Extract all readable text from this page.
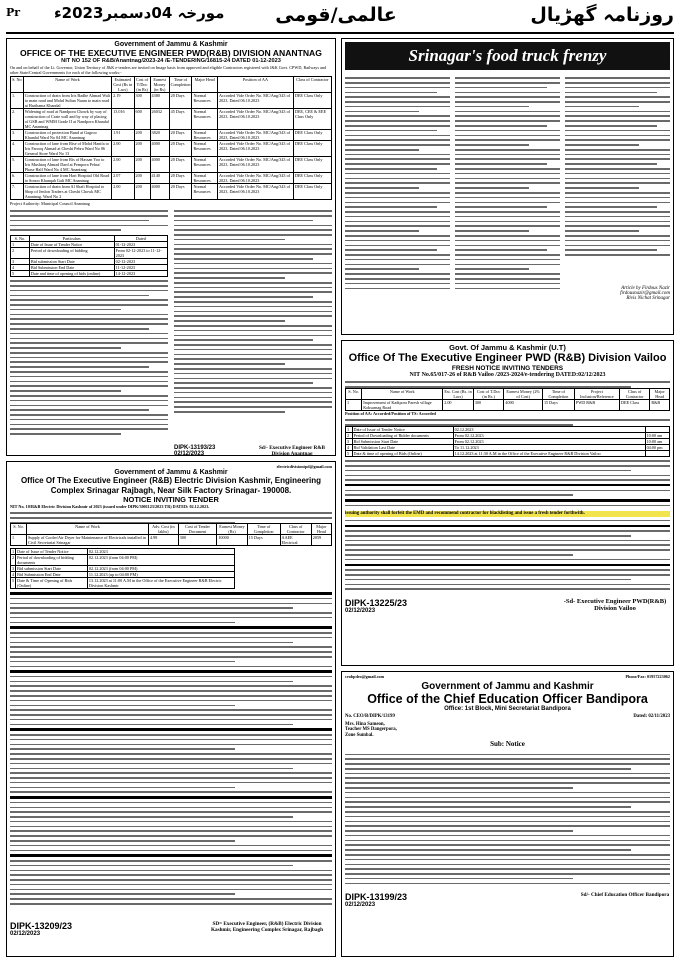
Pr مورخہ 04دسمبر2023ء	عالمی/قومی	روزنامہ گھڑیال
Government of Jammu & Kashmir
OFFICE OF THE EXECUTIVE ENGINEER PWD(R&B) DIVISION ANANTNAG
NIT NO 152 OF R&B/Anantnag/2023-24 /E-TENDERING/16815-24 DATED 01-12-2023
On and on behalf of the Lt. Governor, Union Territory of J&K e-tenders are invited on Image basis from approved and eligible Contractors registered with J&K Govt. CPWD, Railways and other State/Central Governments for each of the following works:-
S. No	Name of Work	Estimated Cost (Rs in Lacs)	Cost of T/Doc (in Rs)	Earnest Money (in Rs)	Time of Completion	Major Head	Position of AA	Class of Contractor
1.	Construction of drain from Iris Badhe Ahmad Wali to main road and Mohd Sultan Naam to main road at Harihama Khandal	2.19	300	4380	20 Days	Normal Resources	Accorded Vide Order No. MC/Ang/343 of 2023, Dated 06.10.2023	DEE Class Only
2.	Widening of road at Nandpora Chowk by way of construction of Crate wall and by way of placing of GSB and WMM Grade II at Nandpora Khandal MC Anantnag	13.016	600	26032	45 Days	Normal Resources	Accorded Vide Order No. MC/Ang/343 of 2023, Dated 06.10.2023	DEE, CEE & EEE Class Only
3.	Construction of protection Bund at Gagroo Khandal Ward No 04 MC Anantnag	1.91	200	3820	20 Days	Normal Resources	Accorded Vide Order No. MC/Ang/343 of 2023, Dated 06.10.2023	DEE Class Only
4.	Construction of lane from Rise of Mohd Hanifa to Iris Farooq Ahmad at Cheshi Pehra Ward No 06 General Store Ward No 13	2.00	200	4000	20 Days	Normal Resources	Accorded Vide Order No. MC/Ang/343 of 2023, Dated 06.10.2023	DEE Class Only
5.	Construction of lane from Ris of Hassan Yoo to Iris Mushtaq Ahmad Dard at Pempora Pehra/ Phase Hall Ward No 4 MC Anantnag	2.00	200	4000	20 Days	Normal Resources	Accorded Vide Order No. MC/Ang/343 of 2023, Dated 06.10.2023	DEE Class Only
6.	Construction of lane from Hari Hospital Old Road to Sonoo Khanqah Gali MC Anantnag	2.07	200	4140	20 Days	Normal Resources	Accorded Vide Order No. MC/Ang/343 of 2023, Dated 06.10.2023	DEE Class Only
7.	Construction of drain from Al Shafi Hospital to Shop of Jenlon Traders at Cheshi Chowk MC Anantnag. Ward No 2	2.00	200	4000	20 Days	Normal Resources	Accorded Vide Order No. MC/Ang/343 of 2023, Dated 06.10.2023	DEE Class Only
Project Authority: Municipal Council Anantnag
S. No.	Particulars	Dated
1	Date of Issue of Tender Notice	01-12-2023
2	Period of downloading of bidding	From 02-12-2023 to 11-12-2023
3	Bid submission Start Date	02-12-2023
4	Bid Submission End Date	11-12-2023
5	Date and time of opening of bids (online)	14-12-2023
DIPK-13193/23
02/12/2023
Sd/- Executive Engineer R&B Division Anantnag
Srinagar's food truck frenzy
Article by Firdous Nazir
firdousnazir@gmail.com
Rivis Nichat Srinagar
Govt. Of Jammu & Kashmir (U.T)
Office Of The Executive Engineer PWD (R&B) Division Vailoo
FRESH NOTICE INVITING TENDERS
NIT No.65/017-26 of R&B Vailoo /2023-2024/e-tendering DATED:02/12/2023
S. No.	Name of Work	Est. Cost (Rs. in Lacs)	Cost of T.Doc (in Rs.)	Earnest Money (2% of Cost)	Time of Completion	Project Inclusion/Reference	Class of Contractor	Major Head
1	Improvement of Kadipora Paresh village Koksarnag Road	2.00	300	4000	15 Days	PWD R&B	DEE Class	R&B
Position of AA: Accorded/Position of TS: Accorded
1	Date of Issue of Tender Notice	02.12.2023	
2	Period of Downloading of Bidder documents	From 02.12.2023	10:00 am
3	Bid Submission Start Date	From 02.12.2023	10:00 am
4	Bid Validation Last Date	To 11.12.2023	04:00 pm
5	Date & time of opening of Bids (Online)	14.12.2023 at 11:30 A.M in the Office of the Executive Engineer R&B Division Vailoo	
issuing authority shall forfeit the EMD and recommend contractor for blacklisting and issue a fresh tender forthwith.
DIPK-13225/23
02/12/2023
-Sd- Executive Engineer PWD(R&B) Division Vailoo
electricdivisiontpd@gmail.com
Government of Jammu & Kashmir
Office Of The Executive Engineer (R&B) Electric Division Kashmir, Engineering Complex Srinagar Rajbagh, Near Silk Factory Srinagar- 190008.
NOTICE INVITING TENDER
NIT No. 10/R&B Electric Division Kashmir of 2023 (issued under DIPK/3001123/2023 TR) DATED: 02.12.2023.
S. No.	Name of Work	Adv. Cost (in lakhs)	Cost of Tender Document	Earnest Money (Rs)	Time of Completion	Class of Contractor	Major Head
1	Supply of Cooler/Air Dryer for Maintenance of Electricals installed in Civil Secretariat Srinagar	4.98	300	10000	15 Days	AAEE Electrical	2059
1	Date of Issue of Tender Notice	02.12.2023
2	Period of downloading of bidding documents	02.12.2023 (from 04:00 PM)
3	Bid submission Start Date	02.12.2023 (from 04:00 PM)
4	Bid Submission End Date	11.12.2023 (up to 04:00 PM)
5	Date & Time of Opening of Bids (Online)	13.12.2023 at 11:00 A.M in the Office of the Executive Engineer R&B Electric Division Kashmir
DIPK-13209/23
02/12/2023
SD= Executive Engineer, (R&B) Electric Division Kashmir, Engineering Complex Srinagar, Rajbagh
ceobpdeo@gmail.com	Phone/Fax: 01957223062
Government of Jammu and Kashmir
Office of the Chief Education Officer Bandipora
Office: 1st Block, Mini Secretariat Bandipora
No. CEO/B/DIPK/13199	Dated: 02/11/2023
Mrs. Hina Sameon,
Teacher MS Dangerpora,
Zone Sumbal.
Sub: Notice
DIPK-13199/23
02/12/2023
Sd/- Chief Education Officer Bandipora
